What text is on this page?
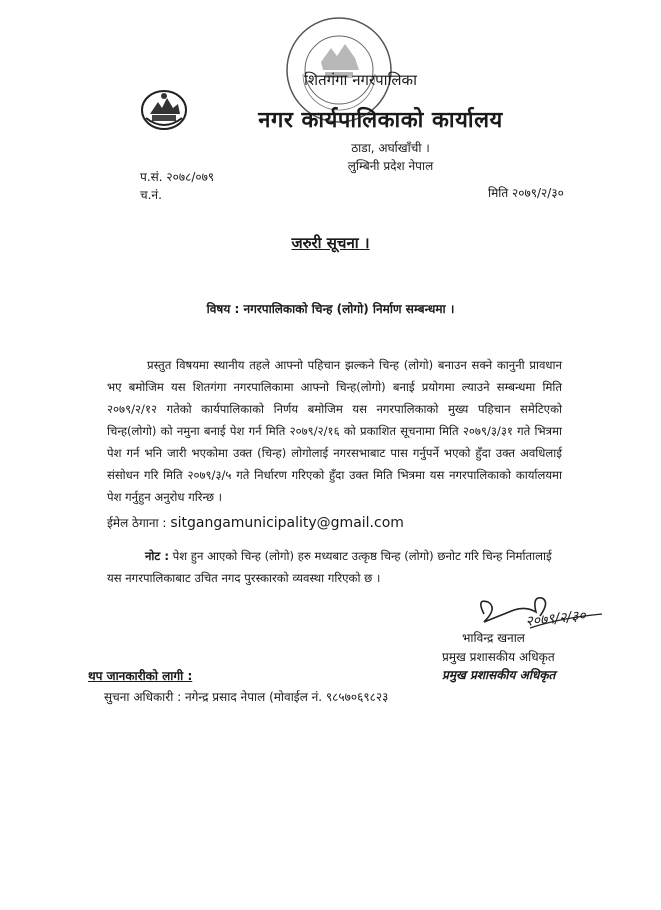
शितगंगा नगरपालिका
नगर कार्यपालिकाको कार्यालय
ठाडा, अर्घाखाँची ।
लुम्बिनी प्रदेश नेपाल
प.सं. २०७८/०७९
च.नं.	मिति २०७९/२/३०
जरुरी सूचना ।
विषय : नगरपालिकाको चिन्ह (लोगो) निर्माण सम्बन्धमा ।
प्रस्तुत विषयमा स्थानीय तहले आफ्नो पहिचान झल्कने चिन्ह (लोगो) बनाउन सक्ने कानुनी प्रावधान भए बमोजिम यस शितगंगा नगरपालिकामा आफ्नो चिन्ह(लोगो) बनाई प्रयोगमा ल्याउने सम्बन्धमा मिति २०७९/२/१२ गतेको कार्यपालिकाको निर्णय बमोजिम यस नगरपालिकाको मुख्य पहिचान समेटिएको चिन्ह(लोगो) को नमुना बनाई पेश गर्न मिति २०७९/२/१६ को प्रकाशित सूचनामा मिति २०७९/३/३१ गते भित्रमा पेश गर्न भनि जारी भएकोमा उक्त (चिन्ह) लोगोलाई नगरसभाबाट पास गर्नुपर्ने भएको हुँदा उक्त अवधिलाई संसोधन गरि मिति २०७९/३/५ गते निर्धारण गरिएको हुँदा उक्त मिति भित्रमा यस नगरपालिकाको कार्यालयमा पेश गर्नुहुन अनुरोध गरिन्छ ।
ईमेल ठेगाना : sitgangamunicipality@gmail.com
नोट : पेश हुन आएको चिन्ह (लोगो) हरु मध्यबाट उत्कृष्ठ चिन्ह (लोगो) छनोट गरि चिन्ह निर्मातालाई यस नगरपालिकाबाट उचित नगद पुरस्कारको व्यवस्था गरिएको छ ।
२०७९/२/३०
भाविन्द्र खनाल
प्रमुख प्रशासकीय अधिकृत
प्रमुख प्रशासकीय अधिकृत
थप जानकारीको लागी :
सुचना अधिकारी : नगेन्द्र प्रसाद नेपाल (मोवाईल नं. ९८५७०६९८२३
